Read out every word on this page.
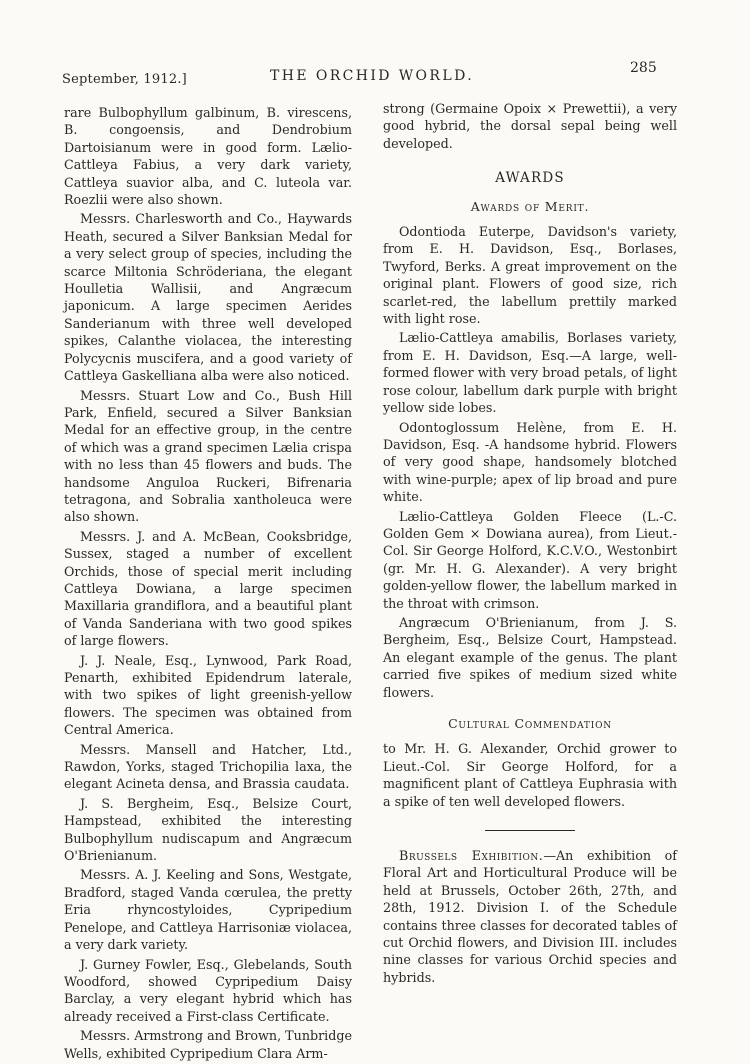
September, 1912.]	THE ORCHID WORLD.	285

rare Bulbophyllum galbinum, B. virescens, B. congoensis, and Dendrobium Dartoisianum were in good form. Lælio-Cattleya Fabius, a very dark variety, Cattleya suavior alba, and C. luteola var. Roezlii were also shown.

Messrs. Charlesworth and Co., Haywards Heath, secured a Silver Banksian Medal for a very select group of species, including the scarce Miltonia Schröderiana, the elegant Houlletia Wallisii, and Angræcum japonicum. A large specimen Aerides Sanderianum with three well developed spikes, Calanthe violacea, the interesting Polycycnis muscifera, and a good variety of Cattleya Gaskelliana alba were also noticed.

Messrs. Stuart Low and Co., Bush Hill Park, Enfield, secured a Silver Banksian Medal for an effective group, in the centre of which was a grand specimen Lælia crispa with no less than 45 flowers and buds. The handsome Anguloa Ruckeri, Bifrenaria tetragona, and Sobralia xantholeuca were also shown.

Messrs. J. and A. McBean, Cooksbridge, Sussex, staged a number of excellent Orchids, those of special merit including Cattleya Dowiana, a large specimen Maxillaria grandiflora, and a beautiful plant of Vanda Sanderiana with two good spikes of large flowers.

J. J. Neale, Esq., Lynwood, Park Road, Penarth, exhibited Epidendrum laterale, with two spikes of light greenish-yellow flowers. The specimen was obtained from Central America.

Messrs. Mansell and Hatcher, Ltd., Rawdon, Yorks, staged Trichopilia laxa, the elegant Acineta densa, and Brassia caudata.

J. S. Bergheim, Esq., Belsize Court, Hampstead, exhibited the interesting Bulbophyllum nudiscapum and Angræcum O'Brienianum.

Messrs. A. J. Keeling and Sons, Westgate, Bradford, staged Vanda cœrulea, the pretty Eria rhyncostyloides, Cypripedium Penelope, and Cattleya Harrisoniæ violacea, a very dark variety.

J. Gurney Fowler, Esq., Glebelands, South Woodford, showed Cypripedium Daisy Barclay, a very elegant hybrid which has already received a First-class Certificate.

Messrs. Armstrong and Brown, Tunbridge Wells, exhibited Cypripedium Clara Arm-

strong (Germaine Opoix × Prewettii), a very good hybrid, the dorsal sepal being well developed.

AWARDS
Awards of Merit.

Odontioda Euterpe, Davidson's variety, from E. H. Davidson, Esq., Borlases, Twyford, Berks. A great improvement on the original plant. Flowers of good size, rich scarlet-red, the labellum prettily marked with light rose.

Lælio-Cattleya amabilis, Borlases variety, from E. H. Davidson, Esq.—A large, well-formed flower with very broad petals, of light rose colour, labellum dark purple with bright yellow side lobes.

Odontoglossum Helène, from E. H. Davidson, Esq. -A handsome hybrid. Flowers of very good shape, handsomely blotched with wine-purple; apex of lip broad and pure white.

Lælio-Cattleya Golden Fleece (L.-C. Golden Gem × Dowiana aurea), from Lieut.-Col. Sir George Holford, K.C.V.O., Westonbirt (gr. Mr. H. G. Alexander). A very bright golden-yellow flower, the labellum marked in the throat with crimson.

Angræcum O'Brienianum, from J. S. Bergheim, Esq., Belsize Court, Hampstead. An elegant example of the genus. The plant carried five spikes of medium sized white flowers.

Cultural Commendation

to Mr. H. G. Alexander, Orchid grower to Lieut.-Col. Sir George Holford, for a magnificent plant of Cattleya Euphrasia with a spike of ten well developed flowers.

Brussels Exhibition.—An exhibition of Floral Art and Horticultural Produce will be held at Brussels, October 26th, 27th, and 28th, 1912. Division I. of the Schedule contains three classes for decorated tables of cut Orchid flowers, and Division III. includes nine classes for various Orchid species and hybrids.
